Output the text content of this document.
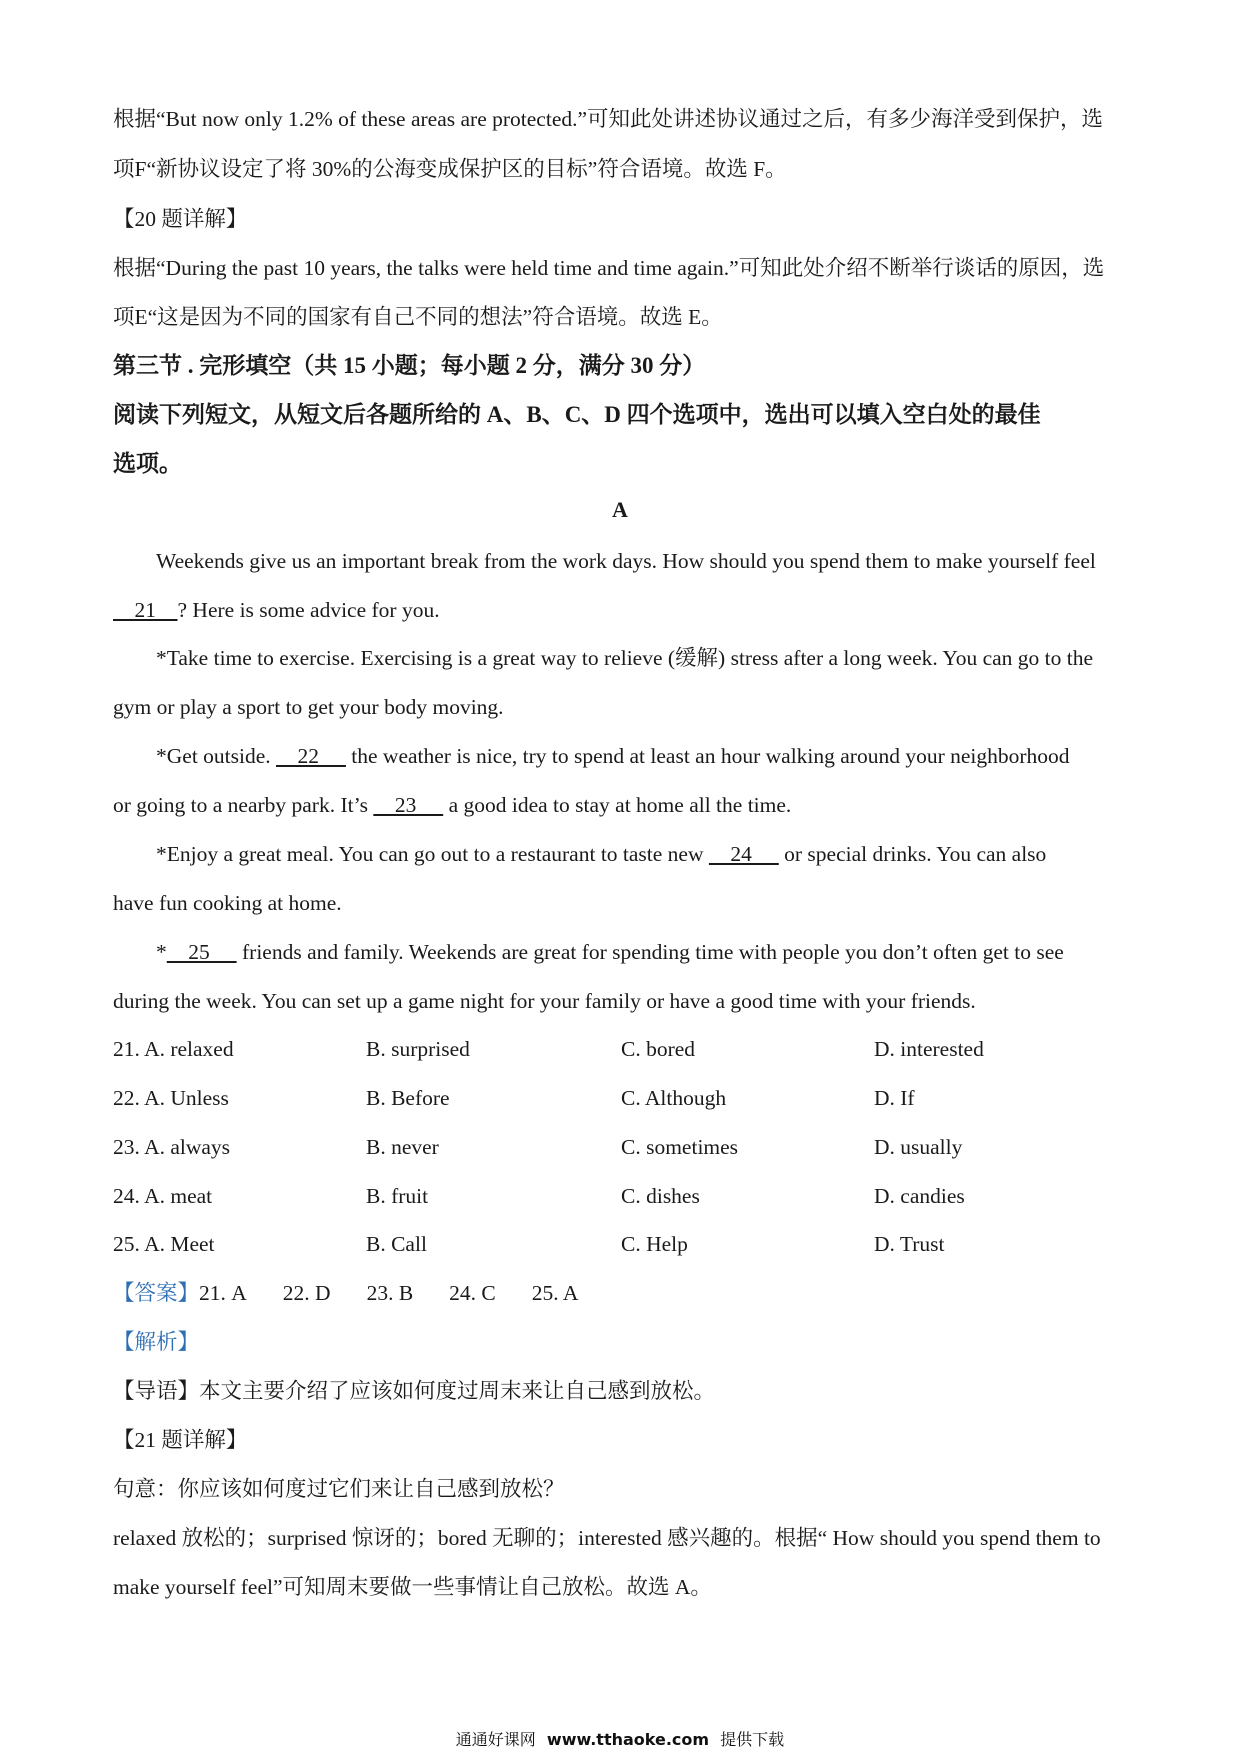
根据“But now only 1.2% of these areas are protected.”可知此处讲述协议通过之后，有多少海洋受到保护，选
项F“新协议设定了将 30%的公海变成保护区的目标”符合语境。故选 F。
【20 题详解】
根据“During the past 10 years, the talks were held time and time again.”可知此处介绍不断举行谈话的原因，选
项E“这是因为不同的国家有自己不同的想法”符合语境。故选 E。
第三节 . 完形填空（共 15 小题；每小题 2 分，满分 30 分）
阅读下列短文，从短文后各题所给的 A、B、C、D 四个选项中，选出可以填入空白处的最佳
选项。
A
Weekends give us an important break from the work days. How should you spend them to make yourself feel
21    ? Here is some advice for you.
*Take time to exercise. Exercising is a great way to relieve (缓解) stress after a long week. You can go to the
gym or play a sport to get your body moving.
*Get outside.     22      the weather is nice, try to spend at least an hour walking around your neighborhood
or going to a nearby park. It’s     23      a good idea to stay at home all the time.
*Enjoy a great meal. You can go out to a restaurant to taste new     24      or special drinks. You can also
have fun cooking at home.
*    25      friends and family. Weekends are great for spending time with people you don’t often get to see
during the week. You can set up a game night for your family or have a good time with your friends.
21. A. relaxed	B. surprised	C. bored	D. interested
22. A. Unless	B. Before	C. Although	D. If
23. A. always	B. never	C. sometimes	D. usually
24. A. meat	B. fruit	C. dishes	D. candies
25. A. Meet	B. Call	C. Help	D. Trust
【答案】21. A 22. D 23. B 24. C 25. A
【解析】
【导语】本文主要介绍了应该如何度过周末来让自己感到放松。
【21 题详解】
句意：你应该如何度过它们来让自己感到放松？
relaxed 放松的；surprised 惊讶的；bored 无聊的；interested 感兴趣的。根据“ How should you spend them to
make yourself feel”可知周末要做一些事情让自己放松。故选 A。
通通好课网 www.tthaoke.com 提供下载
